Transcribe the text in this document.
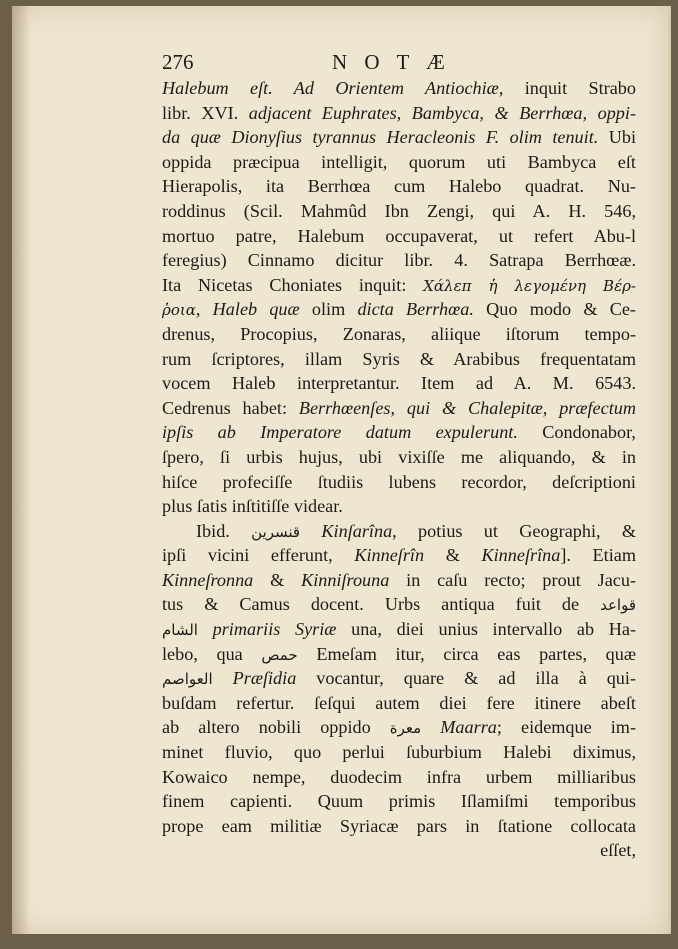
276	N O T Æ
Halebum eſt. Ad Orientem Antiochiæ, inquit Strabo
libr. XVI. adjacent Euphrates, Bambyca, & Berrhœa, oppi-
da quæ Dionyſius tyrannus Heracleonis F. olim tenuit. Ubi
oppida præcipua intelligit, quorum uti Bambyca eſt
Hierapolis, ita Berrhœa cum Halebo quadrat. Nu-
roddinus (Scil. Mahmûd Ibn Zengi, qui A. H. 546,
mortuo patre, Halebum occupaverat, ut refert Abu-l
feregius) Cinnamo dicitur libr. 4. Satrapa Berrhœæ.
Ita Nicetas Choniates inquit: Χάλεπ ἡ λεγομένη Βέρ-
ῥοια, Haleb quæ olim dicta Berrhœa. Quo modo & Ce-
drenus, Procopius, Zonaras, aliique iſtorum tempo-
rum ſcriptores, illam Syris & Arabibus frequentatam
vocem Haleb interpretantur. Item ad A. M. 6543.
Cedrenus habet: Berrhœenſes, qui & Chalepitæ, præfectum
ipſis ab Imperatore datum expulerunt. Condonabor,
ſpero, ſi urbis hujus, ubi vixiſſe me aliquando, & in
hiſce profeciſſe ſtudiis lubens recordor, deſcriptioni
plus ſatis inſtitiſſe videar.
Ibid. قنسرين Kinſarîna, potius ut Geographi, &
ipſi vicini efferunt, Kinneſrîn & Kinneſrîna]. Etiam
Kinneſronna & Kinniſrouna in caſu recto; prout Jacu-
tus & Camus docent. Urbs antiqua fuit de قواعد
الشام primariis Syriæ una, diei unius intervallo ab Ha-
lebo, qua حمص Emeſam itur, circa eas partes, quæ
العواصم Præſidia vocantur, quare & ad illa à qui-
buſdam refertur. ſeſqui autem diei fere itinere abeſt
ab altero nobili oppido معرة Maarra; eidemque im-
minet fluvio, quo perlui ſuburbium Halebi diximus,
Kowaico nempe, duodecim infra urbem milliaribus
finem capienti. Quum primis Iſlamiſmi temporibus
prope eam militiæ Syriacæ pars in ſtatione collocata
eſſet,
